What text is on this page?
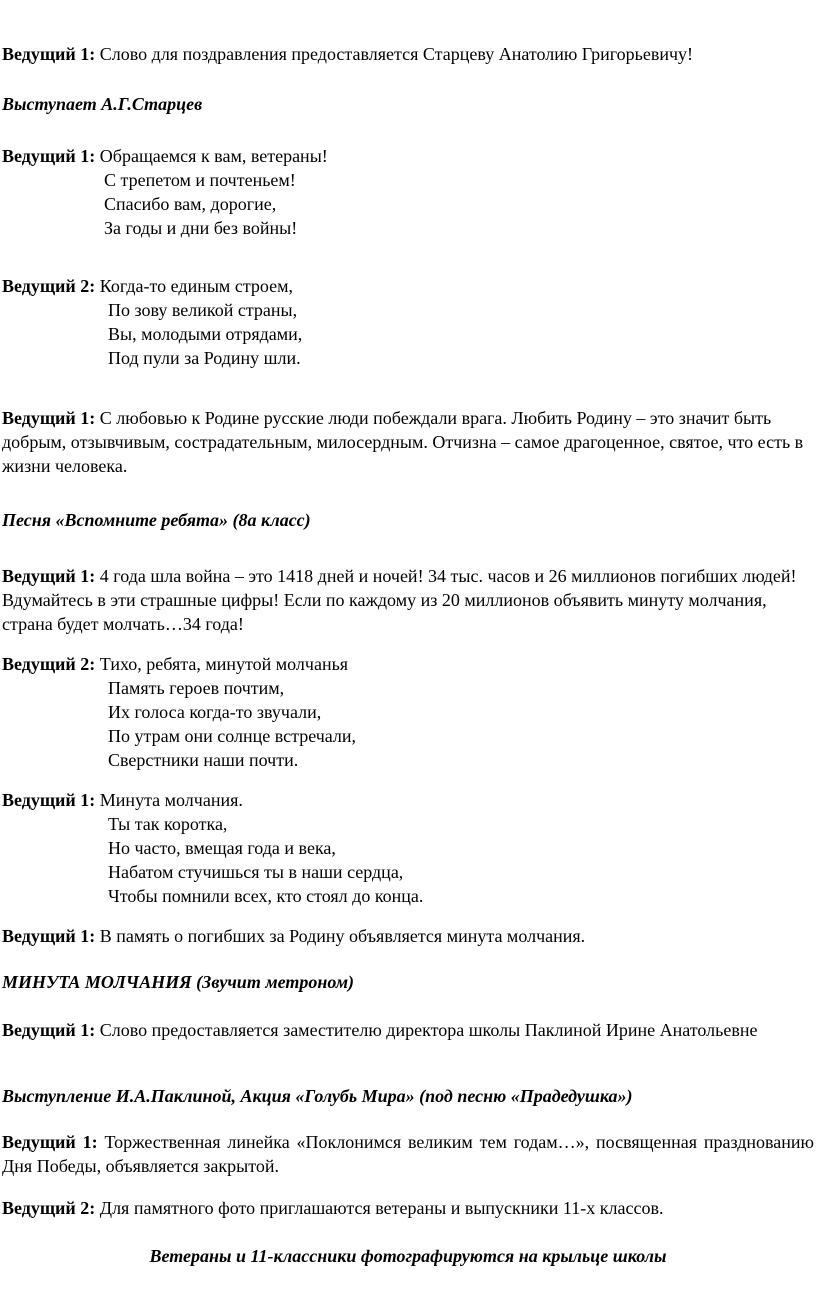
Ведущий 1: Слово для поздравления предоставляется Старцеву Анатолию Григорьевичу!
Выступает А.Г.Старцев
Ведущий 1: Обращаемся к вам, ветераны!
С трепетом и почтеньем!
Спасибо вам, дорогие,
За годы и дни без войны!
Ведущий 2: Когда-то единым строем,
По зову великой страны,
Вы, молодыми отрядами,
Под пули за Родину шли.
Ведущий 1: С любовью к Родине русские люди побеждали врага. Любить Родину – это значит быть добрым, отзывчивым, сострадательным, милосердным. Отчизна – самое драгоценное, святое, что есть в жизни человека.
Песня «Вспомните ребята» (8а класс)
Ведущий 1: 4 года шла война – это 1418 дней и ночей! 34 тыс. часов и 26 миллионов погибших людей! Вдумайтесь в эти страшные цифры! Если по каждому из 20 миллионов объявить минуту молчания, страна будет молчать…34 года!
Ведущий 2: Тихо, ребята, минутой молчанья
Память героев почтим,
Их голоса когда-то звучали,
По утрам они солнце встречали,
Сверстники наши почти.
Ведущий 1: Минута молчания.
Ты так коротка,
Но часто, вмещая года и века,
Набатом стучишься ты в наши сердца,
Чтобы помнили всех, кто стоял до конца.
Ведущий 1: В память о погибших за Родину объявляется минута молчания.
МИНУТА МОЛЧАНИЯ (Звучит метроном)
Ведущий 1: Слово предоставляется заместителю директора школы Паклиной Ирине Анатольевне
Выступление И.А.Паклиной, Акция «Голубь Мира» (под песню «Прадедушка»)
Ведущий 1: Торжественная линейка «Поклонимся великим тем годам…», посвященная празднованию Дня Победы, объявляется закрытой.
Ведущий 2: Для памятного фото приглашаются ветераны и выпускники 11-х классов.
Ветераны и 11-классники фотографируются на крыльце школы
